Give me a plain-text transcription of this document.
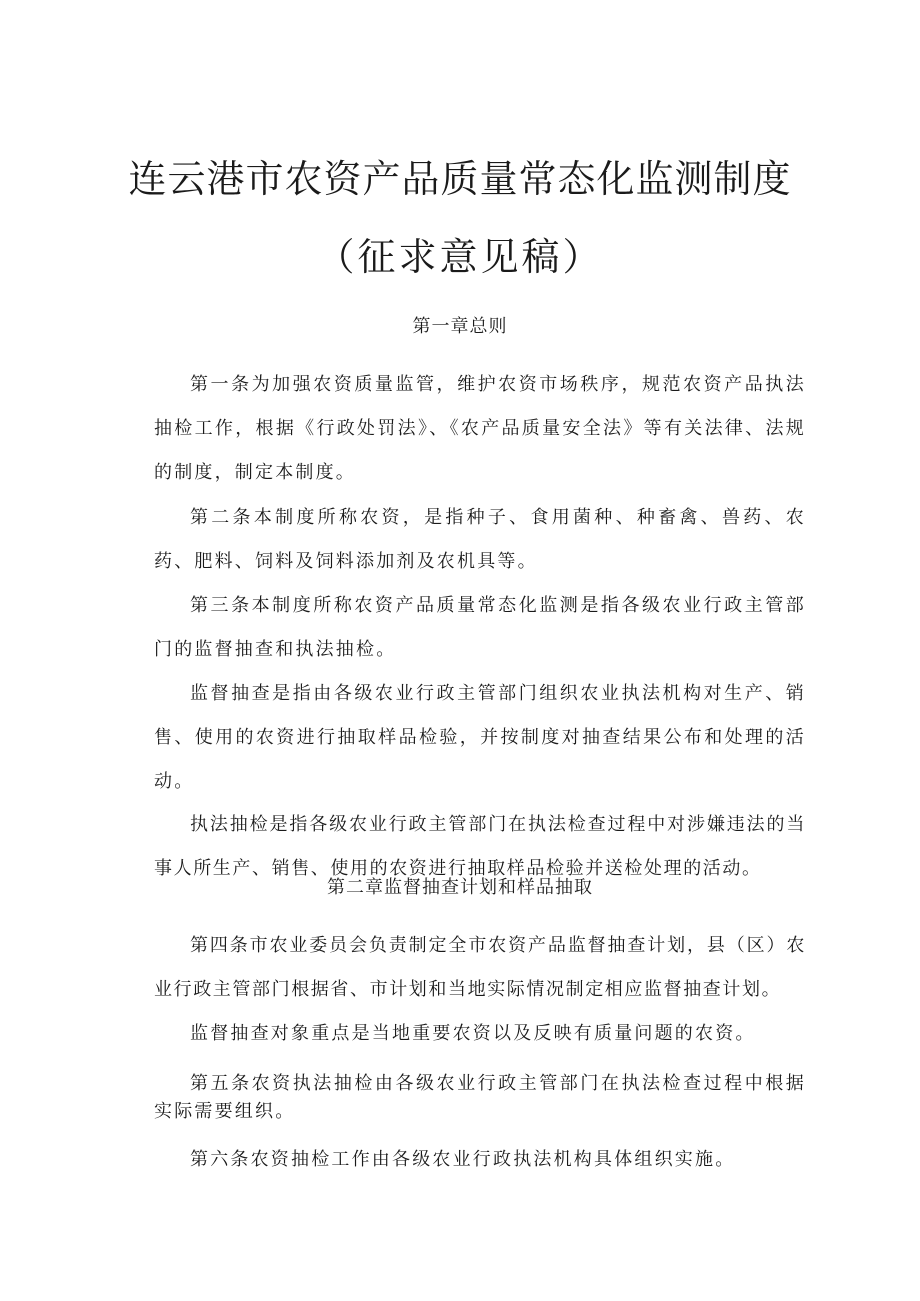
连云港市农资产品质量常态化监测制度
（征求意见稿）
第一章总则

第一条为加强农资质量监管，维护农资市场秩序，规范农资产品执法抽检工作，根据《行政处罚法》、《农产品质量安全法》等有关法律、法规的制度，制定本制度。

第二条本制度所称农资，是指种子、食用菌种、种畜禽、兽药、农药、肥料、饲料及饲料添加剂及农机具等。

第三条本制度所称农资产品质量常态化监测是指各级农业行政主管部门的监督抽查和执法抽检。

监督抽查是指由各级农业行政主管部门组织农业执法机构对生产、销售、使用的农资进行抽取样品检验，并按制度对抽查结果公布和处理的活动。

执法抽检是指各级农业行政主管部门在执法检查过程中对涉嫌违法的当事人所生产、销售、使用的农资进行抽取样品检验并送检处理的活动。

第二章监督抽查计划和样品抽取

第四条市农业委员会负责制定全市农资产品监督抽查计划，县（区）农业行政主管部门根据省、市计划和当地实际情况制定相应监督抽查计划。

监督抽查对象重点是当地重要农资以及反映有质量问题的农资。

第五条农资执法抽检由各级农业行政主管部门在执法检查过程中根据实际需要组织。

第六条农资抽检工作由各级农业行政执法机构具体组织实施。
